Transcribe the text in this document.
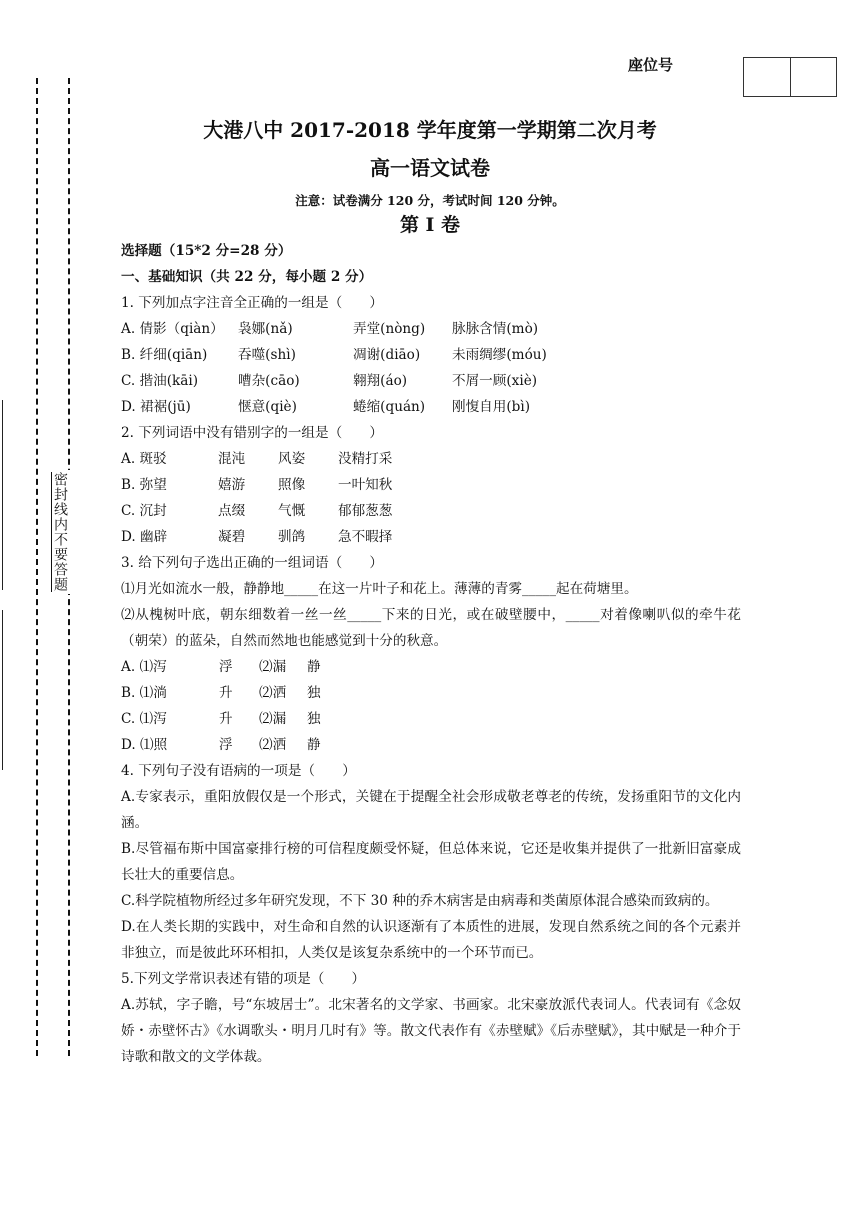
座位号
密封线内不要答题
大港八中 2017-2018 学年度第一学期第二次月考
高一语文试卷
注意：试卷满分 120 分，考试时间 120 分钟。
第 I 卷
选择题（15*2 分=28 分）
一、基础知识（共 22 分，每小题 2 分）
1. 下列加点字注音全正确的一组是（　　）
A. 倩影（qiàn）	袅娜(nǎ)	弄堂(nòng)	脉脉含情(mò)
B. 纤细(qiān)	吞噬(shì)	凋谢(diāo)	未雨绸缪(móu)
C. 揩油(kāi)	嘈杂(cāo)	翱翔(áo)	不屑一顾(xiè)
D. 裙裾(jū)	惬意(qiè)	蜷缩(quán)	刚愎自用(bì)
2. 下列词语中没有错别字的一组是（　　）
A. 斑驳	混沌	风姿	没精打采
B. 弥望	嬉游	照像	一叶知秋
C. 沉封	点缀	气慨	郁郁葱葱
D. 幽辟	凝碧	驯鸽	急不暇择
3. 给下列句子选出正确的一组词语（　　）
⑴月光如流水一般，静静地_____在这一片叶子和花上。薄薄的青雾_____起在荷塘里。
⑵从槐树叶底，朝东细数着一丝一丝_____下来的日光，或在破壁腰中，_____对着像喇叭似的牵牛花（朝荣）的蓝朵，自然而然地也能感觉到十分的秋意。
A. ⑴泻	浮	⑵漏	静
B. ⑴淌	升	⑵洒	独
C. ⑴泻	升	⑵漏	独
D. ⑴照	浮	⑵洒	静
4. 下列句子没有语病的一项是（　　）
A.专家表示，重阳放假仅是一个形式，关键在于提醒全社会形成敬老尊老的传统，发扬重阳节的文化内涵。
B.尽管福布斯中国富豪排行榜的可信程度颇受怀疑，但总体来说，它还是收集并提供了一批新旧富豪成长壮大的重要信息。
C.科学院植物所经过多年研究发现，不下 30 种的乔木病害是由病毒和类菌原体混合感染而致病的。
D.在人类长期的实践中，对生命和自然的认识逐渐有了本质性的进展，发现自然系统之间的各个元素并非独立，而是彼此环环相扣，人类仅是该复杂系统中的一个环节而已。
5.下列文学常识表述有错的项是（　　）
A.苏轼，字子瞻，号“东坡居士”。北宋著名的文学家、书画家。北宋豪放派代表词人。代表词有《念奴娇・赤壁怀古》《水调歌头・明月几时有》等。散文代表作有《赤壁赋》《后赤壁赋》，其中赋是一种介于诗歌和散文的文学体裁。
